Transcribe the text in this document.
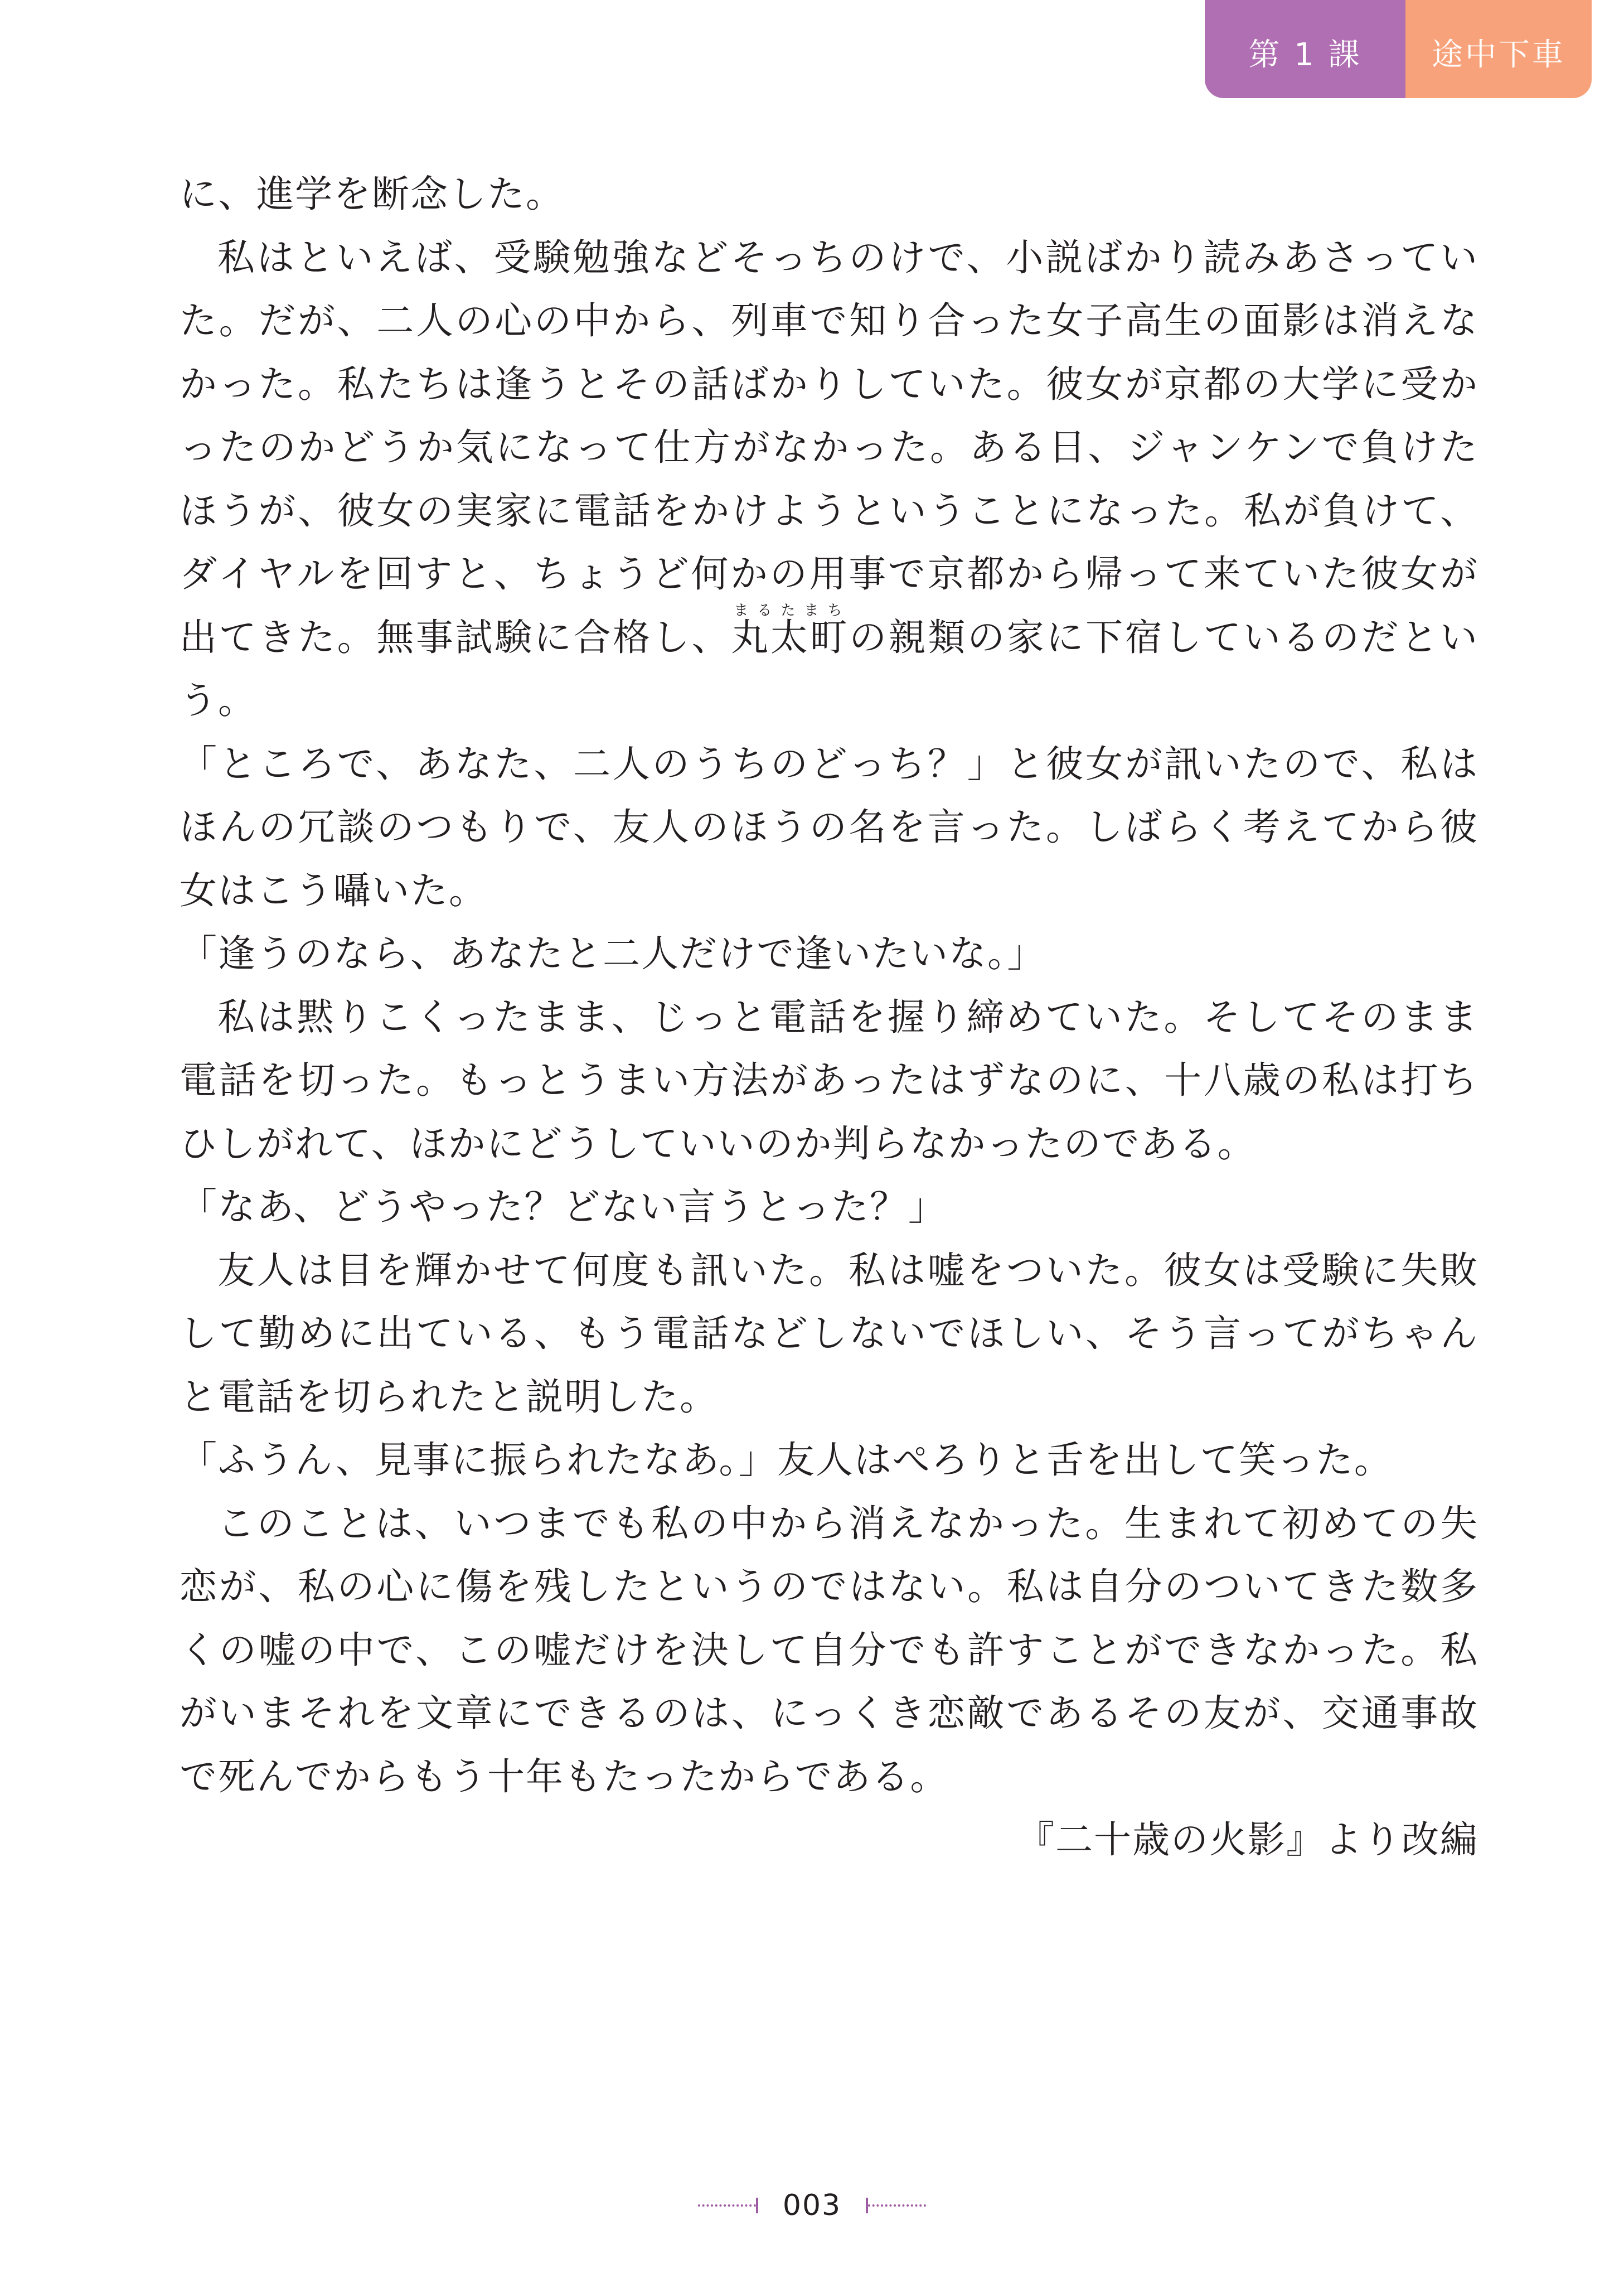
第 1 課	途中下車

に、進学を断念した。

私はといえば、受験勉強などそっちのけで、小説ばかり読みあさっていた。だが、二人の心の中から、列車で知り合った女子高生の面影は消えなかった。私たちは逢うとその話ばかりしていた。彼女が京都の大学に受かったのかどうか気になって仕方がなかった。ある日、ジャンケンで負けたほうが、彼女の実家に電話をかけようということになった。私が負けて、ダイヤルを回すと、ちょうど何かの用事で京都から帰って来ていた彼女が出てきた。無事試験に合格し、丸太町まるたまちの親類の家に下宿しているのだという。

「ところで、あなた、二人のうちのどっち？」と彼女が訊いたので、私はほんの冗談のつもりで、友人のほうの名を言った。しばらく考えてから彼女はこう囁いた。

「逢うのなら、あなたと二人だけで逢いたいな。」

私は黙りこくったまま、じっと電話を握り締めていた。そしてそのまま電話を切った。もっとうまい方法があったはずなのに、十八歳の私は打ちひしがれて、ほかにどうしていいのか判らなかったのである。

「なあ、どうやった？どない言うとった？」

友人は目を輝かせて何度も訊いた。私は嘘をついた。彼女は受験に失敗して勤めに出ている、もう電話などしないでほしい、そう言ってがちゃんと電話を切られたと説明した。

「ふうん、見事に振られたなあ。」友人はぺろりと舌を出して笑った。

このことは、いつまでも私の中から消えなかった。生まれて初めての失恋が、私の心に傷を残したというのではない。私は自分のついてきた数多くの嘘の中で、この嘘だけを決して自分でも許すことができなかった。私がいまそれを文章にできるのは、にっくき恋敵であるその友が、交通事故で死んでからもう十年もたったからである。

『二十歳の火影』より改編

003
